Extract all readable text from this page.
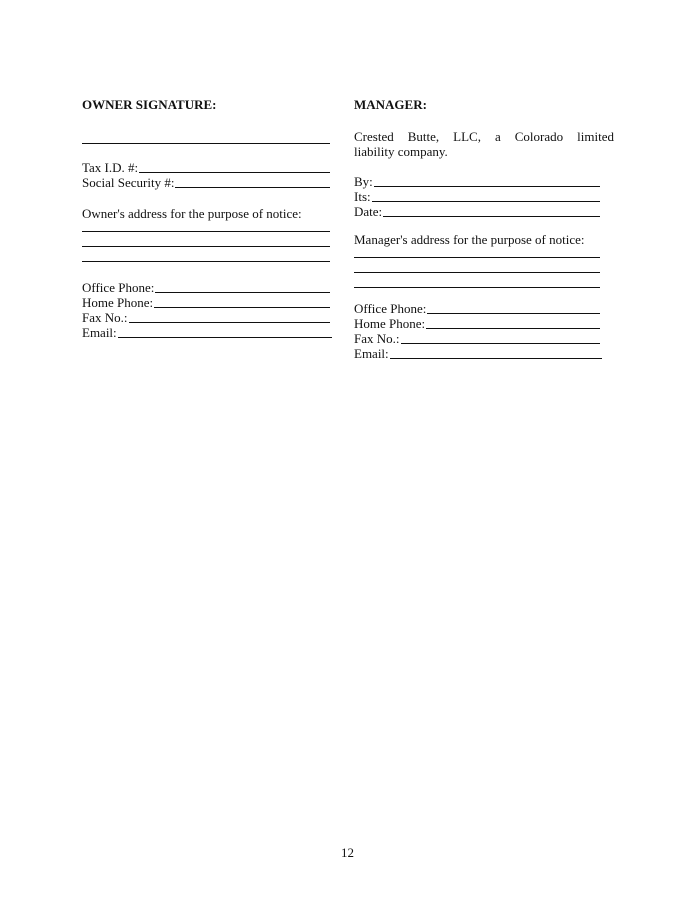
OWNER SIGNATURE:
Tax I.D. #:
Social Security #:
Owner's address for the purpose of notice:
Office Phone:
Home Phone:
Fax No.:
Email:
MANAGER:
Crested Butte, LLC, a Colorado limited
liability company.
By:
Its:
Date:
Manager's address for the purpose of notice:
Office Phone:
Home Phone:
Fax No.:
Email:
12
